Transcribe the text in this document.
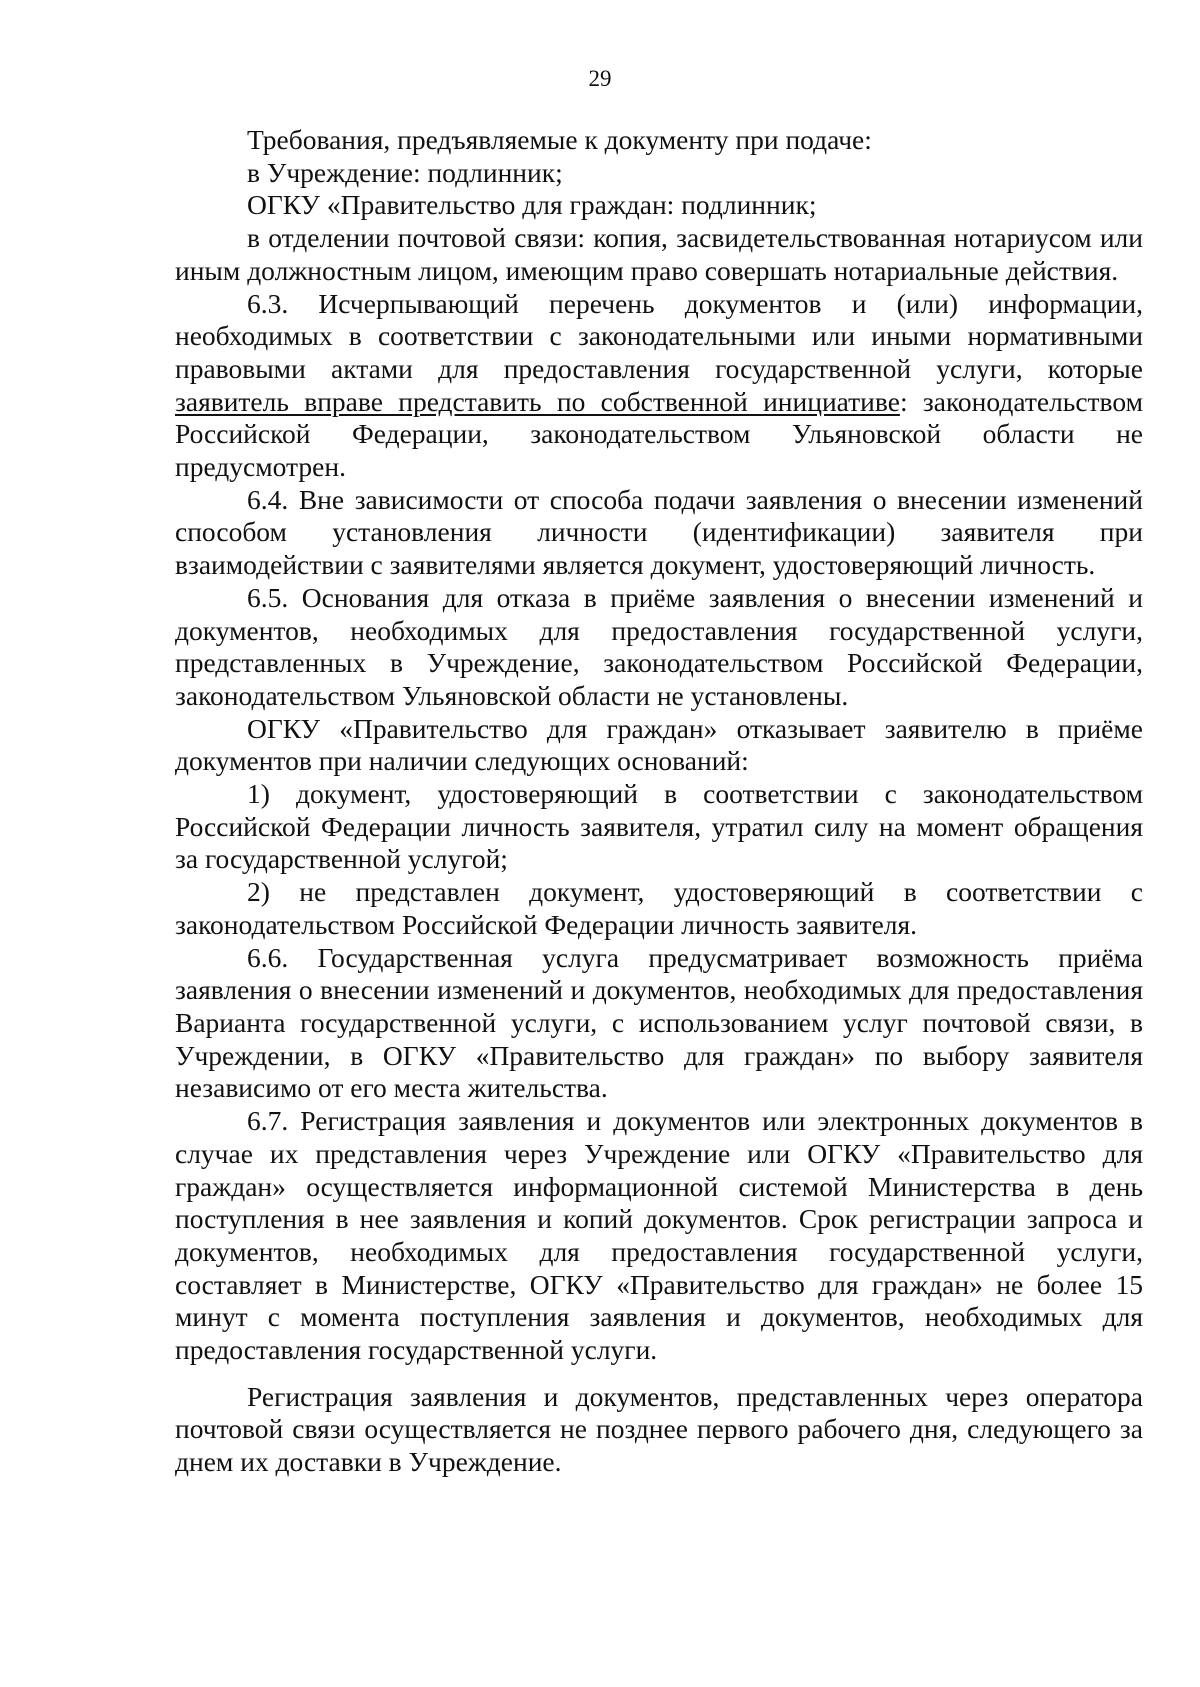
29

Требования, предъявляемые к документу при подаче:

в Учреждение: подлинник;

ОГКУ «Правительство для граждан: подлинник;

в отделении почтовой связи: копия, засвидетельствованная нотариусом или иным должностным лицом, имеющим право совершать нотариальные действия.

6.3. Исчерпывающий перечень документов и (или) информации, необходимых в соответствии с законодательными или иными нормативными правовыми актами для предоставления государственной услуги, которые заявитель вправе представить по собственной инициативе: законодательством Российской Федерации, законодательством Ульяновской области не предусмотрен.

6.4. Вне зависимости от способа подачи заявления о внесении изменений способом установления личности (идентификации) заявителя при взаимодействии с заявителями является документ, удостоверяющий личность.

6.5. Основания для отказа в приёме заявления о внесении изменений и документов, необходимых для предоставления государственной услуги, представленных в Учреждение, законодательством Российской Федерации, законодательством Ульяновской области не установлены.

ОГКУ «Правительство для граждан» отказывает заявителю в приёме документов при наличии следующих оснований:

1) документ, удостоверяющий в соответствии с законодательством Российской Федерации личность заявителя, утратил силу на момент обращения за государственной услугой;

2) не представлен документ, удостоверяющий в соответствии с законодательством Российской Федерации личность заявителя.

6.6. Государственная услуга предусматривает возможность приёма заявления о внесении изменений и документов, необходимых для предоставления Варианта государственной услуги, с использованием услуг почтовой связи, в Учреждении, в ОГКУ «Правительство для граждан» по выбору заявителя независимо от его места жительства.

6.7. Регистрация заявления и документов или электронных документов в случае их представления через Учреждение или ОГКУ «Правительство для граждан» осуществляется информационной системой Министерства в день поступления в нее заявления и копий документов. Срок регистрации запроса и документов, необходимых для предоставления государственной услуги, составляет в Министерстве, ОГКУ «Правительство для граждан» не более 15 минут с момента поступления заявления и документов, необходимых для предоставления государственной услуги.

Регистрация заявления и документов, представленных через оператора почтовой связи осуществляется не позднее первого рабочего дня, следующего за днем их доставки в Учреждение.
